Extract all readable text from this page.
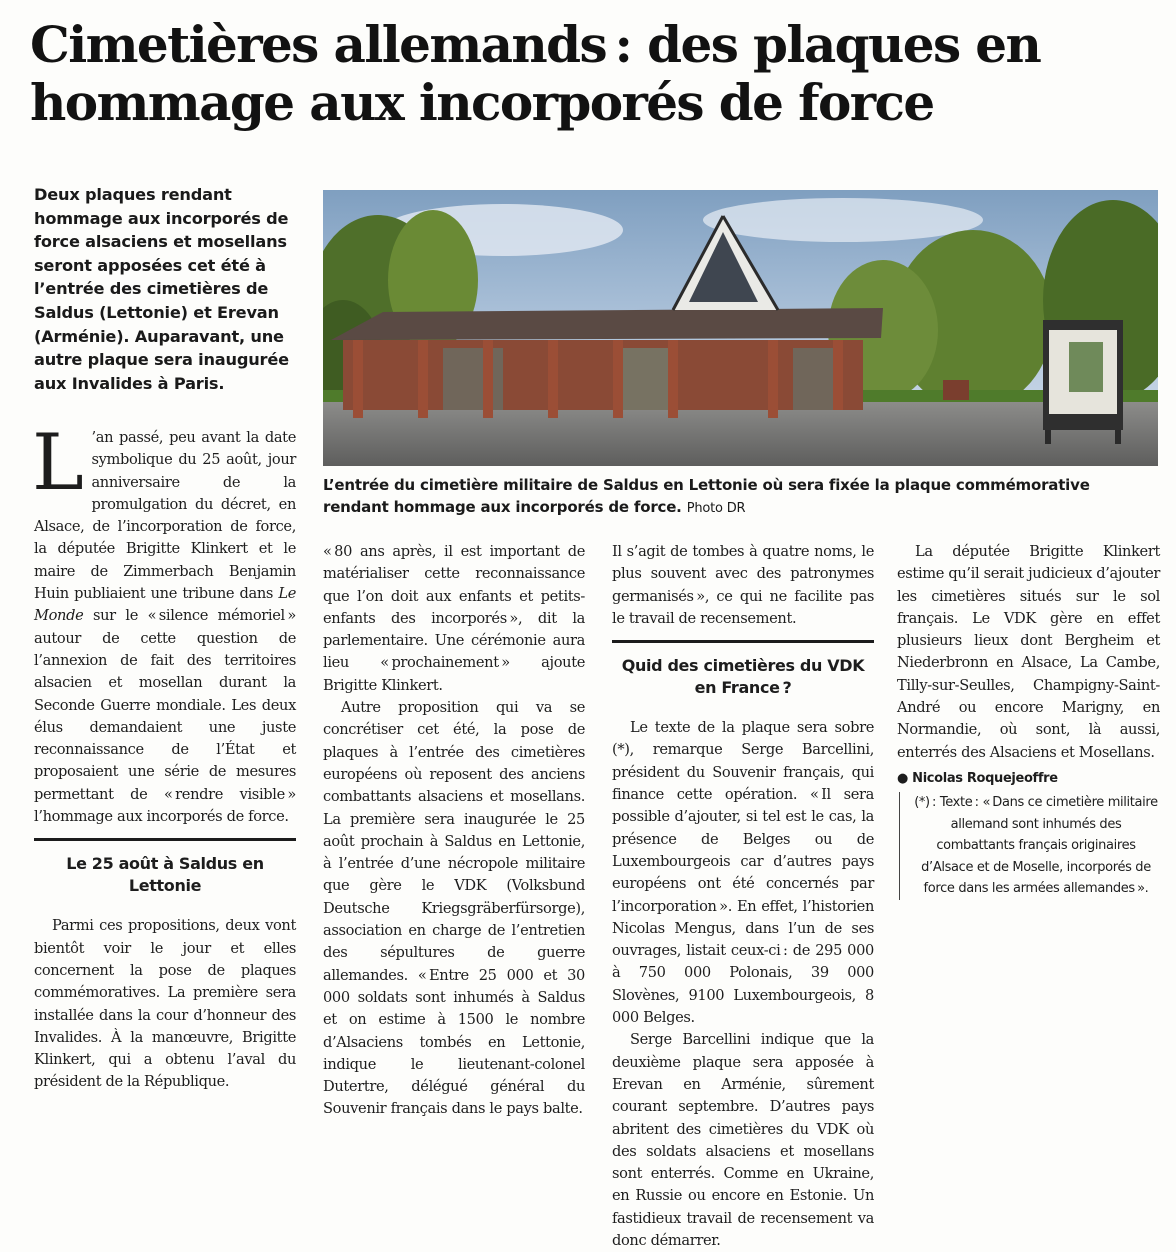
Cimetières allemands : des plaques en hommage aux incorporés de force
Deux plaques rendant hommage aux incorporés de force alsaciens et mosellans seront apposées cet été à l’entrée des cimetières de Saldus (Lettonie) et Erevan (Arménie). Auparavant, une autre plaque sera inaugurée aux Invalides à Paris.
L’entrée du cimetière militaire de Saldus en Lettonie où sera fixée la plaque commémorative rendant hommage aux incorporés de force. Photo DR

L ’an passé, peu avant la date symbolique du 25 août, jour anniversaire de la promulgation du décret, en Alsace, de l’incorporation de force, la députée Brigitte Klinkert et le maire de Zimmerbach Benjamin Huin publiaient une tribune dans Le Monde sur le « silence mémoriel » autour de cette question de l’annexion de fait des territoires alsacien et mosellan durant la Seconde Guerre mondiale. Les deux élus demandaient une juste reconnaissance de l’État et proposaient une série de mesures permettant de « rendre visible » l’hommage aux incorporés de force.

Le 25 août à Saldus en Lettonie

Parmi ces propositions, deux vont bientôt voir le jour et elles concernent la pose de plaques commémoratives. La première sera installée dans la cour d’honneur des Invalides. À la manœuvre, Brigitte Klinkert, qui a obtenu l’aval du président de la République.

« 80 ans après, il est important de matérialiser cette reconnaissance que l’on doit aux enfants et petits-enfants des incorporés », dit la parlementaire. Une cérémonie aura lieu « prochainement » ajoute Brigitte Klinkert.

Autre proposition qui va se concrétiser cet été, la pose de plaques à l’entrée des cimetières européens où reposent des anciens combattants alsaciens et mosellans. La première sera inaugurée le 25 août prochain à Saldus en Lettonie, à l’entrée d’une nécropole militaire que gère le VDK (Volksbund Deutsche Kriegsgräberfürsorge), association en charge de l’entretien des sépultures de guerre allemandes. « Entre 25 000 et 30 000 soldats sont inhumés à Saldus et on estime à 1500 le nombre d’Alsaciens tombés en Lettonie, indique le lieutenant-colonel Dutertre, délégué général du Souvenir français dans le pays balte.

Il s’agit de tombes à quatre noms, le plus souvent avec des patronymes germanisés », ce qui ne facilite pas le travail de recensement.

Quid des cimetières du VDK en France ?

Le texte de la plaque sera sobre (*), remarque Serge Barcellini, président du Souvenir français, qui finance cette opération. « Il sera possible d’ajouter, si tel est le cas, la présence de Belges ou de Luxembourgeois car d’autres pays européens ont été concernés par l’incorporation ». En effet, l’historien Nicolas Mengus, dans l’un de ses ouvrages, listait ceux-ci : de 295 000 à 750 000 Polonais, 39 000 Slovènes, 9100 Luxembourgeois, 8 000 Belges.

Serge Barcellini indique que la deuxième plaque sera apposée à Erevan en Arménie, sûrement courant septembre. D’autres pays abritent des cimetières du VDK où des soldats alsaciens et mosellans sont enterrés. Comme en Ukraine, en Russie ou encore en Estonie. Un fastidieux travail de recensement va donc démarrer.

La députée Brigitte Klinkert estime qu’il serait judicieux d’ajouter les cimetières situés sur le sol français. Le VDK gère en effet plusieurs lieux dont Bergheim et Niederbronn en Alsace, La Cambe, Tilly-sur-Seulles, Champigny-Saint-André ou encore Marigny, en Normandie, où sont, là aussi, enterrés des Alsaciens et Mosellans.

● Nicolas Roquejeoffre
(*) : Texte : « Dans ce cimetière militaire allemand sont inhumés des combattants français originaires d’Alsace et de Moselle, incorporés de force dans les armées allemandes ».
